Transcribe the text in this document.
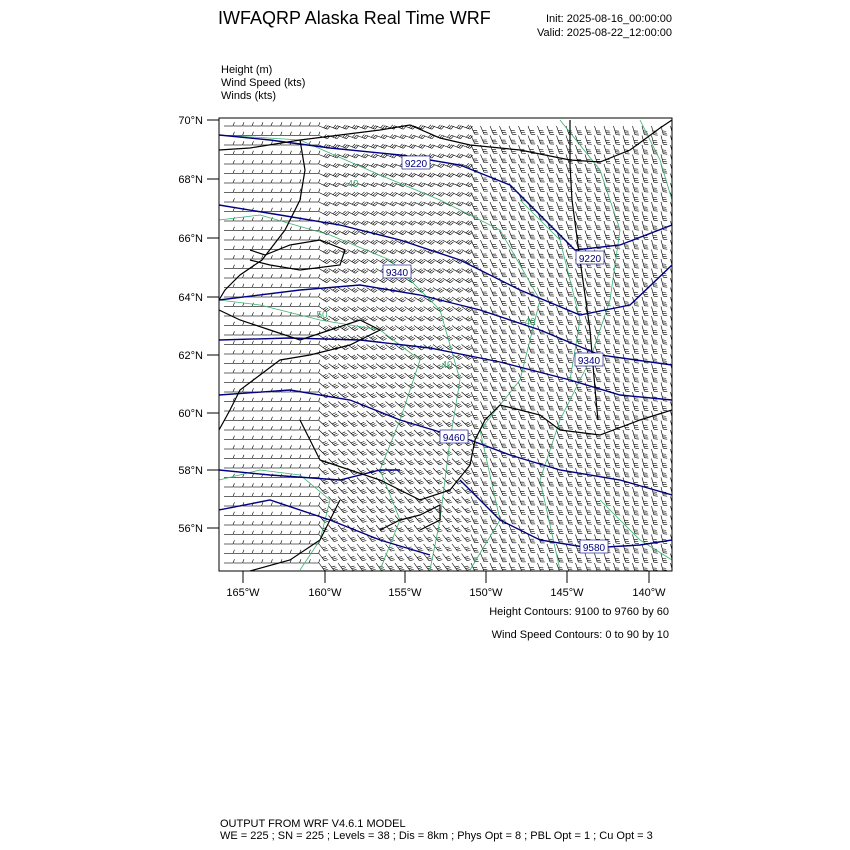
IWFAQRP Alaska Real Time WRF	Init: 2025-08-16_00:00:00
Valid: 2025-08-22_12:00:00
Height (m)
Wind Speed (kts)
Winds (kts)
9220
9220
9340
9340
9460
9580
40
50
40
40
70°N
68°N
66°N
64°N
62°N
60°N
58°N
56°N
165°W	160°W	155°W	150°W	145°W	140°W
Height Contours: 9100 to 9760 by 60
Wind Speed Contours: 0 to 90 by 10
OUTPUT FROM WRF V4.6.1 MODEL
WE = 225 ; SN = 225 ; Levels = 38 ; Dis = 8km ; Phys Opt = 8 ; PBL Opt = 1 ; Cu Opt = 3
